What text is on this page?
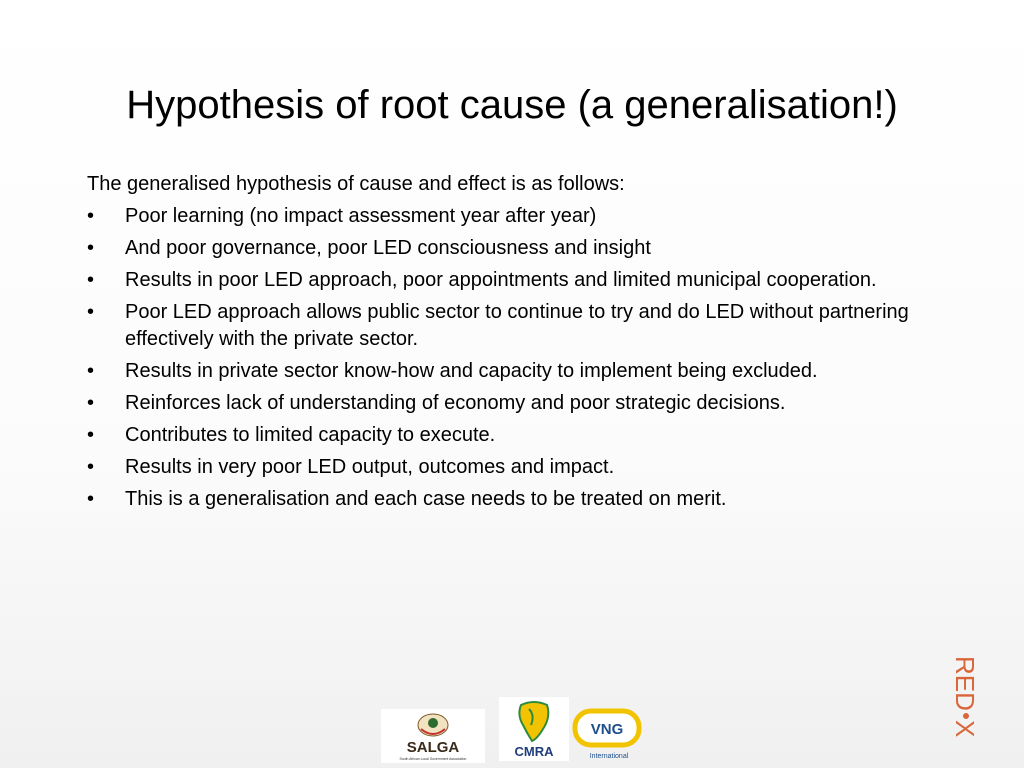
Hypothesis of root cause (a generalisation!)

The generalised hypothesis of cause and effect is as follows:

• Poor learning (no impact assessment year after year)
• And poor governance, poor LED consciousness and insight
• Results in poor LED approach, poor appointments and limited municipal cooperation.
• Poor LED approach allows public sector to continue to try and do LED without partnering effectively with the private sector.
• Results in private sector know-how and capacity to implement being excluded.
• Reinforces lack of understanding of economy and poor strategic decisions.
• Contributes to limited capacity to execute.
• Results in very poor LED output, outcomes and impact.
• This is a generalisation and each case needs to be treated on merit.
SALGA
South African Local Government Association	CMRA
VNG
International
RED
X
